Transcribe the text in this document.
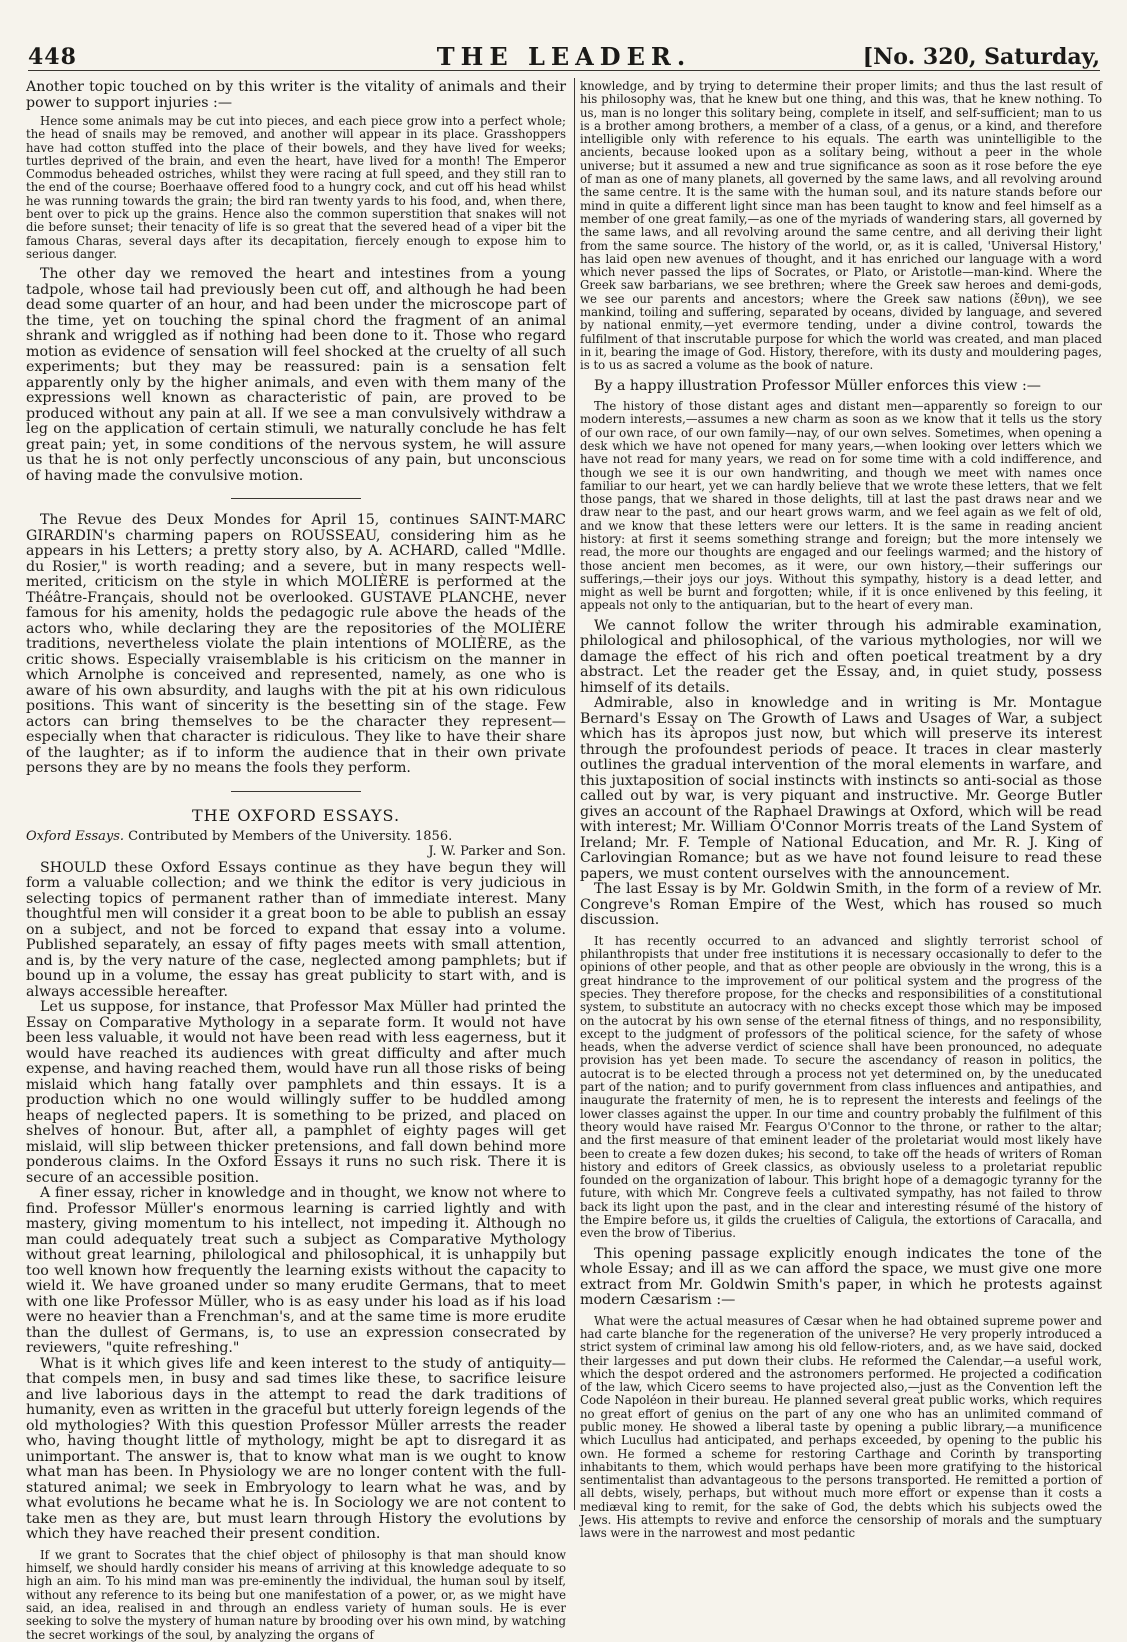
448	THE LEADER.	[No. 320, Saturday,

Another topic touched on by this writer is the vitality of animals and their power to support injuries :—

Hence some animals may be cut into pieces, and each piece grow into a perfect whole; the head of snails may be removed, and another will appear in its place. Grasshoppers have had cotton stuffed into the place of their bowels, and they have lived for weeks; turtles deprived of the brain, and even the heart, have lived for a month! The Emperor Commodus beheaded ostriches, whilst they were racing at full speed, and they still ran to the end of the course; Boerhaave offered food to a hungry cock, and cut off his head whilst he was running towards the grain; the bird ran twenty yards to his food, and, when there, bent over to pick up the grains. Hence also the common superstition that snakes will not die before sunset; their tenacity of life is so great that the severed head of a viper bit the famous Charas, several days after its decapitation, fiercely enough to expose him to serious danger.

The other day we removed the heart and intestines from a young tadpole, whose tail had previously been cut off, and although he had been dead some quarter of an hour, and had been under the microscope part of the time, yet on touching the spinal chord the fragment of an animal shrank and wriggled as if nothing had been done to it. Those who regard motion as evidence of sensation will feel shocked at the cruelty of all such experiments; but they may be reassured: pain is a sensation felt apparently only by the higher animals, and even with them many of the expressions well known as characteristic of pain, are proved to be produced without any pain at all. If we see a man convulsively withdraw a leg on the application of certain stimuli, we naturally conclude he has felt great pain; yet, in some conditions of the nervous system, he will assure us that he is not only perfectly unconscious of any pain, but unconscious of having made the convulsive motion.

The Revue des Deux Mondes for April 15, continues SAINT-MARC GIRARDIN's charming papers on ROUSSEAU, considering him as he appears in his Letters; a pretty story also, by A. ACHARD, called "Mdlle. du Rosier," is worth reading; and a severe, but in many respects well-merited, criticism on the style in which MOLIÈRE is performed at the Théâtre-Français, should not be overlooked. GUSTAVE PLANCHE, never famous for his amenity, holds the pedagogic rule above the heads of the actors who, while declaring they are the repositories of the MOLIÈRE traditions, nevertheless violate the plain intentions of MOLIÈRE, as the critic shows. Especially vraisemblable is his criticism on the manner in which Arnolphe is conceived and represented, namely, as one who is aware of his own absurdity, and laughs with the pit at his own ridiculous positions. This want of sincerity is the besetting sin of the stage. Few actors can bring themselves to be the character they represent—especially when that character is ridiculous. They like to have their share of the laughter; as if to inform the audience that in their own private persons they are by no means the fools they perform.

THE OXFORD ESSAYS.
Oxford Essays. Contributed by Members of the University. 1856.
J. W. Parker and Son.

SHOULD these Oxford Essays continue as they have begun they will form a valuable collection; and we think the editor is very judicious in selecting topics of permanent rather than of immediate interest. Many thoughtful men will consider it a great boon to be able to publish an essay on a subject, and not be forced to expand that essay into a volume. Published separately, an essay of fifty pages meets with small attention, and is, by the very nature of the case, neglected among pamphlets; but if bound up in a volume, the essay has great publicity to start with, and is always accessible hereafter.

Let us suppose, for instance, that Professor Max Müller had printed the Essay on Comparative Mythology in a separate form. It would not have been less valuable, it would not have been read with less eagerness, but it would have reached its audiences with great difficulty and after much expense, and having reached them, would have run all those risks of being mislaid which hang fatally over pamphlets and thin essays. It is a production which no one would willingly suffer to be huddled among heaps of neglected papers. It is something to be prized, and placed on shelves of honour. But, after all, a pamphlet of eighty pages will get mislaid, will slip between thicker pretensions, and fall down behind more ponderous claims. In the Oxford Essays it runs no such risk. There it is secure of an accessible position.

A finer essay, richer in knowledge and in thought, we know not where to find. Professor Müller's enormous learning is carried lightly and with mastery, giving momentum to his intellect, not impeding it. Although no man could adequately treat such a subject as Comparative Mythology without great learning, philological and philosophical, it is unhappily but too well known how frequently the learning exists without the capacity to wield it. We have groaned under so many erudite Germans, that to meet with one like Professor Müller, who is as easy under his load as if his load were no heavier than a Frenchman's, and at the same time is more erudite than the dullest of Germans, is, to use an expression consecrated by reviewers, "quite refreshing."

What is it which gives life and keen interest to the study of antiquity—that compels men, in busy and sad times like these, to sacrifice leisure and live laborious days in the attempt to read the dark traditions of humanity, even as written in the graceful but utterly foreign legends of the old mythologies? With this question Professor Müller arrests the reader who, having thought little of mythology, might be apt to disregard it as unimportant. The answer is, that to know what man is we ought to know what man has been. In Physiology we are no longer content with the full-statured animal; we seek in Embryology to learn what he was, and by what evolutions he became what he is. In Sociology we are not content to take men as they are, but must learn through History the evolutions by which they have reached their present condition.

If we grant to Socrates that the chief object of philosophy is that man should know himself, we should hardly consider his means of arriving at this knowledge adequate to so high an aim. To his mind man was pre-eminently the individual, the human soul by itself, without any reference to its being but one manifestation of a power, or, as we might have said, an idea, realised in and through an endless variety of human souls. He is ever seeking to solve the mystery of human nature by brooding over his own mind, by watching the secret workings of the soul, by analyzing the organs of

knowledge, and by trying to determine their proper limits; and thus the last result of his philosophy was, that he knew but one thing, and this was, that he knew nothing. To us, man is no longer this solitary being, complete in itself, and self-sufficient; man to us is a brother among brothers, a member of a class, of a genus, or a kind, and therefore intelligible only with reference to his equals. The earth was unintelligible to the ancients, because looked upon as a solitary being, without a peer in the whole universe; but it assumed a new and true significance as soon as it rose before the eye of man as one of many planets, all governed by the same laws, and all revolving around the same centre. It is the same with the human soul, and its nature stands before our mind in quite a different light since man has been taught to know and feel himself as a member of one great family,—as one of the myriads of wandering stars, all governed by the same laws, and all revolving around the same centre, and all deriving their light from the same source. The history of the world, or, as it is called, 'Universal History,' has laid open new avenues of thought, and it has enriched our language with a word which never passed the lips of Socrates, or Plato, or Aristotle—man-kind. Where the Greek saw barbarians, we see brethren; where the Greek saw heroes and demi-gods, we see our parents and ancestors; where the Greek saw nations (ἔθνη), we see mankind, toiling and suffering, separated by oceans, divided by language, and severed by national enmity,—yet evermore tending, under a divine control, towards the fulfilment of that inscrutable purpose for which the world was created, and man placed in it, bearing the image of God. History, therefore, with its dusty and mouldering pages, is to us as sacred a volume as the book of nature.

By a happy illustration Professor Müller enforces this view :—

The history of those distant ages and distant men—apparently so foreign to our modern interests,—assumes a new charm as soon as we know that it tells us the story of our own race, of our own family—nay, of our own selves. Sometimes, when opening a desk which we have not opened for many years,—when looking over letters which we have not read for many years, we read on for some time with a cold indifference, and though we see it is our own handwriting, and though we meet with names once familiar to our heart, yet we can hardly believe that we wrote these letters, that we felt those pangs, that we shared in those delights, till at last the past draws near and we draw near to the past, and our heart grows warm, and we feel again as we felt of old, and we know that these letters were our letters. It is the same in reading ancient history: at first it seems something strange and foreign; but the more intensely we read, the more our thoughts are engaged and our feelings warmed; and the history of those ancient men becomes, as it were, our own history,—their sufferings our sufferings,—their joys our joys. Without this sympathy, history is a dead letter, and might as well be burnt and forgotten; while, if it is once enlivened by this feeling, it appeals not only to the antiquarian, but to the heart of every man.

We cannot follow the writer through his admirable examination, philological and philosophical, of the various mythologies, nor will we damage the effect of his rich and often poetical treatment by a dry abstract. Let the reader get the Essay, and, in quiet study, possess himself of its details.

Admirable, also in knowledge and in writing is Mr. Montague Bernard's Essay on The Growth of Laws and Usages of War, a subject which has its àpropos just now, but which will preserve its interest through the profoundest periods of peace. It traces in clear masterly outlines the gradual intervention of the moral elements in warfare, and this juxtaposition of social instincts with instincts so anti-social as those called out by war, is very piquant and instructive. Mr. George Butler gives an account of the Raphael Drawings at Oxford, which will be read with interest; Mr. William O'Connor Morris treats of the Land System of Ireland; Mr. F. Temple of National Education, and Mr. R. J. King of Carlovingian Romance; but as we have not found leisure to read these papers, we must content ourselves with the announcement.

The last Essay is by Mr. Goldwin Smith, in the form of a review of Mr. Congreve's Roman Empire of the West, which has roused so much discussion.

It has recently occurred to an advanced and slightly terrorist school of philanthropists that under free institutions it is necessary occasionally to defer to the opinions of other people, and that as other people are obviously in the wrong, this is a great hindrance to the improvement of our political system and the progress of the species. They therefore propose, for the checks and responsibilities of a constitutional system, to substitute an autocracy with no checks except those which may be imposed on the autocrat by his own sense of the eternal fitness of things, and no responsibility, except to the judgment of professors of the political science, for the safety of whose heads, when the adverse verdict of science shall have been pronounced, no adequate provision has yet been made. To secure the ascendancy of reason in politics, the autocrat is to be elected through a process not yet determined on, by the uneducated part of the nation; and to purify government from class influences and antipathies, and inaugurate the fraternity of men, he is to represent the interests and feelings of the lower classes against the upper. In our time and country probably the fulfilment of this theory would have raised Mr. Feargus O'Connor to the throne, or rather to the altar; and the first measure of that eminent leader of the proletariat would most likely have been to create a few dozen dukes; his second, to take off the heads of writers of Roman history and editors of Greek classics, as obviously useless to a proletariat republic founded on the organization of labour. This bright hope of a demagogic tyranny for the future, with which Mr. Congreve feels a cultivated sympathy, has not failed to throw back its light upon the past, and in the clear and interesting résumé of the history of the Empire before us, it gilds the cruelties of Caligula, the extortions of Caracalla, and even the brow of Tiberius.

This opening passage explicitly enough indicates the tone of the whole Essay; and ill as we can afford the space, we must give one more extract from Mr. Goldwin Smith's paper, in which he protests against modern Cæsarism :—

What were the actual measures of Cæsar when he had obtained supreme power and had carte blanche for the regeneration of the universe? He very properly introduced a strict system of criminal law among his old fellow-rioters, and, as we have said, docked their largesses and put down their clubs. He reformed the Calendar,—a useful work, which the despot ordered and the astronomers performed. He projected a codification of the law, which Cicero seems to have projected also,—just as the Convention left the Code Napoléon in their bureau. He planned several great public works, which requires no great effort of genius on the part of any one who has an unlimited command of public money. He showed a liberal taste by opening a public library,—a munificence which Lucullus had anticipated, and perhaps exceeded, by opening to the public his own. He formed a scheme for restoring Carthage and Corinth by transporting inhabitants to them, which would perhaps have been more gratifying to the historical sentimentalist than advantageous to the persons transported. He remitted a portion of all debts, wisely, perhaps, but without much more effort or expense than it costs a mediæval king to remit, for the sake of God, the debts which his subjects owed the Jews. His attempts to revive and enforce the censorship of morals and the sumptuary laws were in the narrowest and most pedantic
